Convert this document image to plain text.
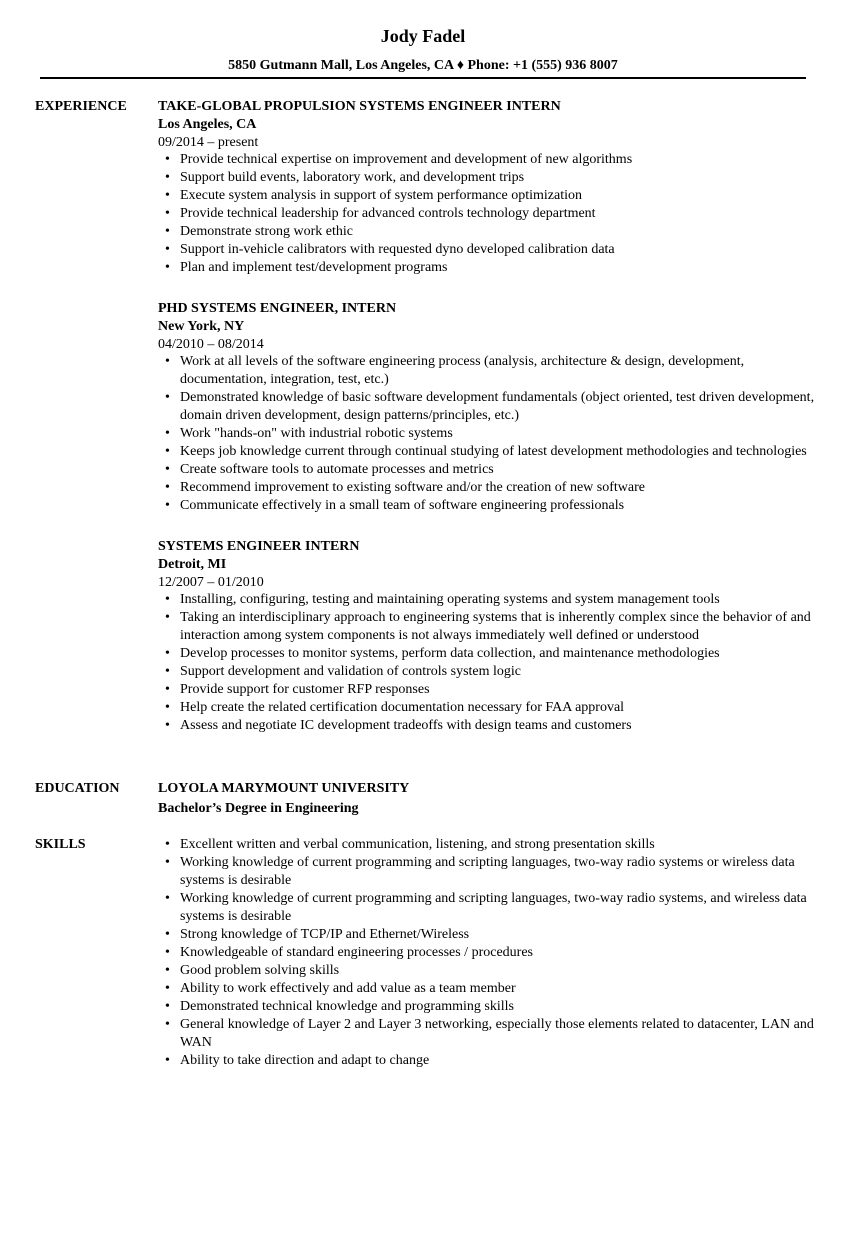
Jody Fadel
5850 Gutmann Mall, Los Angeles, CA ♦ Phone: +1 (555) 936 8007
EXPERIENCE TAKE-GLOBAL PROPULSION SYSTEMS ENGINEER INTERN
Los Angeles, CA
09/2014 – present
• Provide technical expertise on improvement and development of new algorithms
• Support build events, laboratory work, and development trips
• Execute system analysis in support of system performance optimization
• Provide technical leadership for advanced controls technology department
• Demonstrate strong work ethic
• Support in-vehicle calibrators with requested dyno developed calibration data
• Plan and implement test/development programs
PHD SYSTEMS ENGINEER, INTERN
New York, NY
04/2010 – 08/2014
• Work at all levels of the software engineering process (analysis, architecture & design, development, documentation, integration, test, etc.)
• Demonstrated knowledge of basic software development fundamentals (object oriented, test driven development, domain driven development, design patterns/principles, etc.)
• Work "hands-on" with industrial robotic systems
• Keeps job knowledge current through continual studying of latest development methodologies and technologies
• Create software tools to automate processes and metrics
• Recommend improvement to existing software and/or the creation of new software
• Communicate effectively in a small team of software engineering professionals
SYSTEMS ENGINEER INTERN
Detroit, MI
12/2007 – 01/2010
• Installing, configuring, testing and maintaining operating systems and system management tools
• Taking an interdisciplinary approach to engineering systems that is inherently complex since the behavior of and interaction among system components is not always immediately well defined or understood
• Develop processes to monitor systems, perform data collection, and maintenance methodologies
• Support development and validation of controls system logic
• Provide support for customer RFP responses
• Help create the related certification documentation necessary for FAA approval
• Assess and negotiate IC development tradeoffs with design teams and customers
EDUCATION	LOYOLA MARYMOUNT UNIVERSITY
Bachelor’s Degree in Engineering
SKILLS
•	Excellent written and verbal communication, listening, and strong presentation skills
• Working knowledge of current programming and scripting languages, two-way radio systems or wireless data systems is desirable
• Working knowledge of current programming and scripting languages, two-way radio systems, and wireless data systems is desirable
• Strong knowledge of TCP/IP and Ethernet/Wireless
• Knowledgeable of standard engineering processes / procedures
• Good problem solving skills
• Ability to work effectively and add value as a team member
• Demonstrated technical knowledge and programming skills
• General knowledge of Layer 2 and Layer 3 networking, especially those elements related to datacenter, LAN and WAN
• Ability to take direction and adapt to change
